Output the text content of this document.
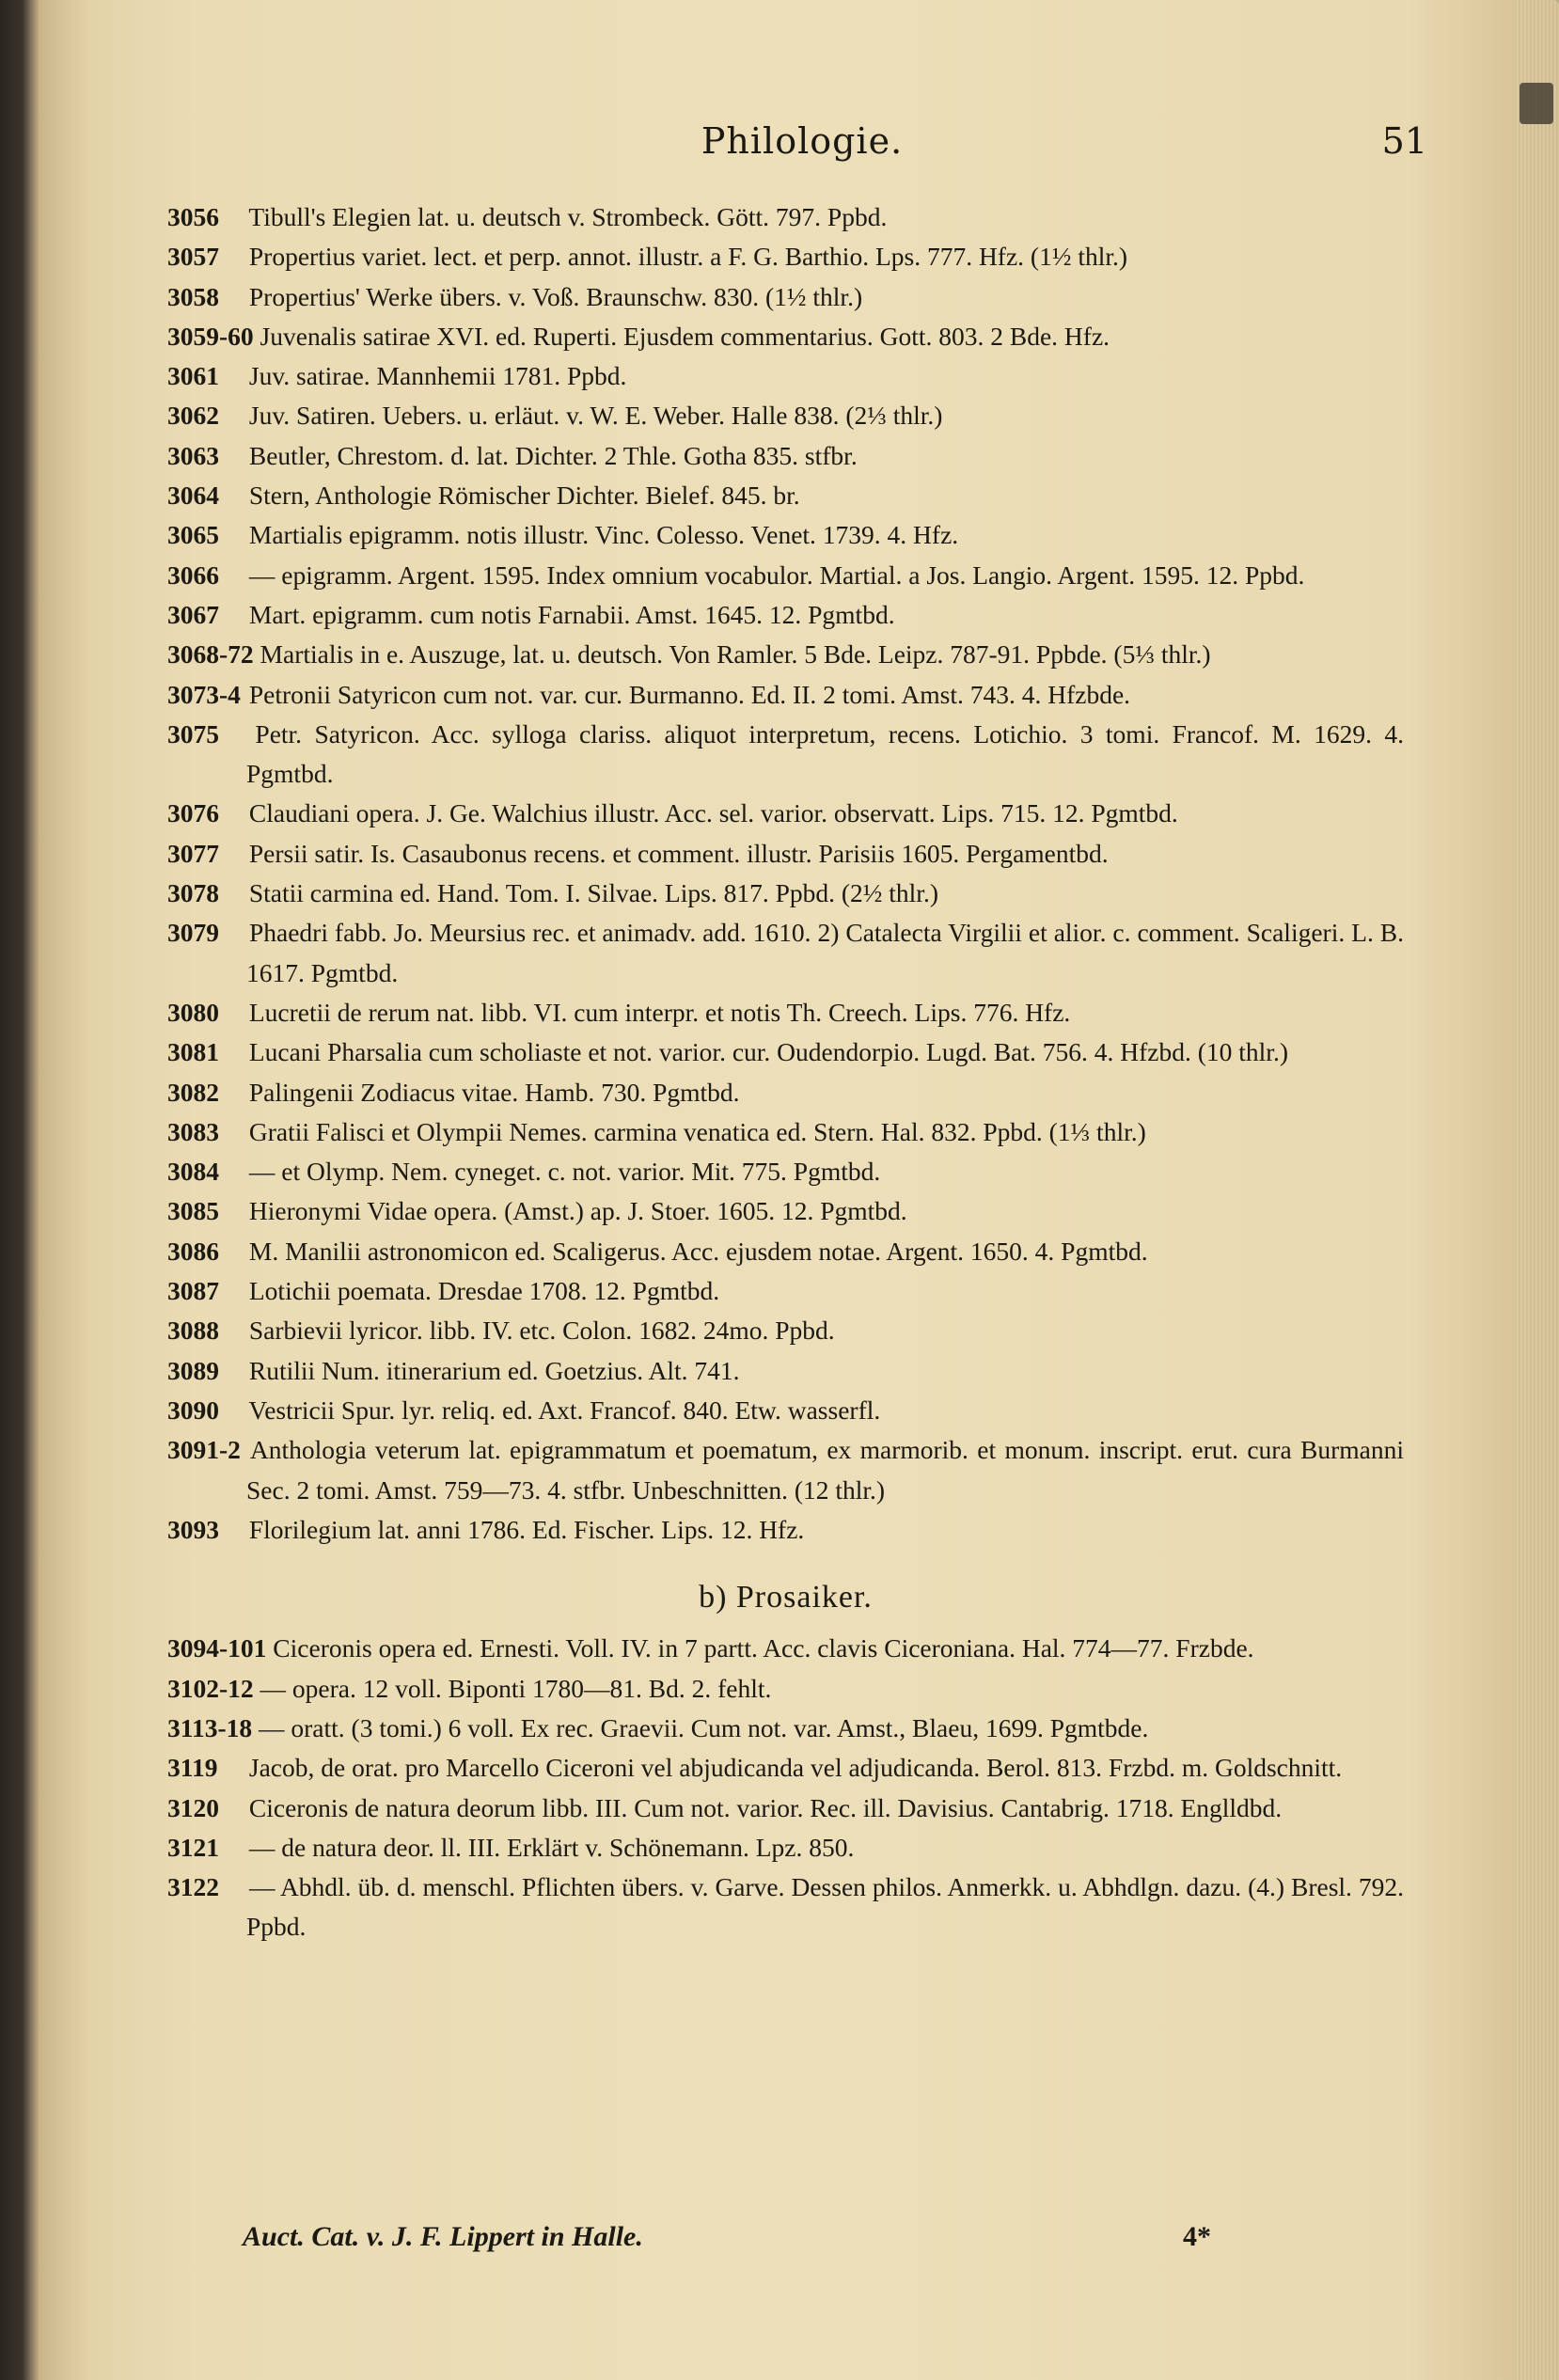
Philologie.	51

3056 Tibull's Elegien lat. u. deutsch v. Strombeck. Gött. 797. Ppbd.

3057 Propertius variet. lect. et perp. annot. illustr. a F. G. Barthio. Lps. 777. Hfz. (1½ thlr.)

3058 Propertius' Werke übers. v. Voß. Braunschw. 830. (1½ thlr.)

3059-60 Juvenalis satirae XVI. ed. Ruperti. Ejusdem commentarius. Gott. 803. 2 Bde. Hfz.

3061 Juv. satirae. Mannhemii 1781. Ppbd.

3062 Juv. Satiren. Uebers. u. erläut. v. W. E. Weber. Halle 838. (2⅓ thlr.)

3063 Beutler, Chrestom. d. lat. Dichter. 2 Thle. Gotha 835. stfbr.

3064 Stern, Anthologie Römischer Dichter. Bielef. 845. br.

3065 Martialis epigramm. notis illustr. Vinc. Colesso. Venet. 1739. 4. Hfz.

3066 — epigramm. Argent. 1595. Index omnium vocabulor. Martial. a Jos. Langio. Argent. 1595. 12. Ppbd.

3067 Mart. epigramm. cum notis Farnabii. Amst. 1645. 12. Pgmtbd.

3068-72 Martialis in e. Auszuge, lat. u. deutsch. Von Ramler. 5 Bde. Leipz. 787-91. Ppbde. (5⅓ thlr.)

3073-4 Petronii Satyricon cum not. var. cur. Burmanno. Ed. II. 2 tomi. Amst. 743. 4. Hfzbde.

3075 Petr. Satyricon. Acc. sylloga clariss. aliquot interpretum, recens. Lotichio. 3 tomi. Francof. M. 1629. 4. Pgmtbd.

3076 Claudiani opera. J. Ge. Walchius illustr. Acc. sel. varior. observatt. Lips. 715. 12. Pgmtbd.

3077 Persii satir. Is. Casaubonus recens. et comment. illustr. Parisiis 1605. Pergamentbd.

3078 Statii carmina ed. Hand. Tom. I. Silvae. Lips. 817. Ppbd. (2½ thlr.)

3079 Phaedri fabb. Jo. Meursius rec. et animadv. add. 1610. 2) Catalecta Virgilii et alior. c. comment. Scaligeri. L. B. 1617. Pgmtbd.

3080 Lucretii de rerum nat. libb. VI. cum interpr. et notis Th. Creech. Lips. 776. Hfz.

3081 Lucani Pharsalia cum scholiaste et not. varior. cur. Oudendorpio. Lugd. Bat. 756. 4. Hfzbd. (10 thlr.)

3082 Palingenii Zodiacus vitae. Hamb. 730. Pgmtbd.

3083 Gratii Falisci et Olympii Nemes. carmina venatica ed. Stern. Hal. 832. Ppbd. (1⅓ thlr.)

3084 — et Olymp. Nem. cyneget. c. not. varior. Mit. 775. Pgmtbd.

3085 Hieronymi Vidae opera. (Amst.) ap. J. Stoer. 1605. 12. Pgmtbd.

3086 M. Manilii astronomicon ed. Scaligerus. Acc. ejusdem notae. Argent. 1650. 4. Pgmtbd.

3087 Lotichii poemata. Dresdae 1708. 12. Pgmtbd.

3088 Sarbievii lyricor. libb. IV. etc. Colon. 1682. 24mo. Ppbd.

3089 Rutilii Num. itinerarium ed. Goetzius. Alt. 741.

3090 Vestricii Spur. lyr. reliq. ed. Axt. Francof. 840. Etw. wasserfl.

3091-2 Anthologia veterum lat. epigrammatum et poematum, ex marmorib. et monum. inscript. erut. cura Burmanni Sec. 2 tomi. Amst. 759—73. 4. stfbr. Unbeschnitten. (12 thlr.)

3093 Florilegium lat. anni 1786. Ed. Fischer. Lips. 12. Hfz.

b) Prosaiker.

3094-101 Ciceronis opera ed. Ernesti. Voll. IV. in 7 partt. Acc. clavis Ciceroniana. Hal. 774—77. Frzbde.

3102-12 — opera. 12 voll. Biponti 1780—81. Bd. 2. fehlt.

3113-18 — oratt. (3 tomi.) 6 voll. Ex rec. Graevii. Cum not. var. Amst., Blaeu, 1699. Pgmtbde.

3119 Jacob, de orat. pro Marcello Ciceroni vel abjudicanda vel adjudicanda. Berol. 813. Frzbd. m. Goldschnitt.

3120 Ciceronis de natura deorum libb. III. Cum not. varior. Rec. ill. Davisius. Cantabrig. 1718. Englldbd.

3121 — de natura deor. ll. III. Erklärt v. Schönemann. Lpz. 850.

3122 — Abhdl. üb. d. menschl. Pflichten übers. v. Garve. Dessen philos. Anmerkk. u. Abhdlgn. dazu. (4.) Bresl. 792. Ppbd.

Auct. Cat. v. J. F. Lippert in Halle.	4*
